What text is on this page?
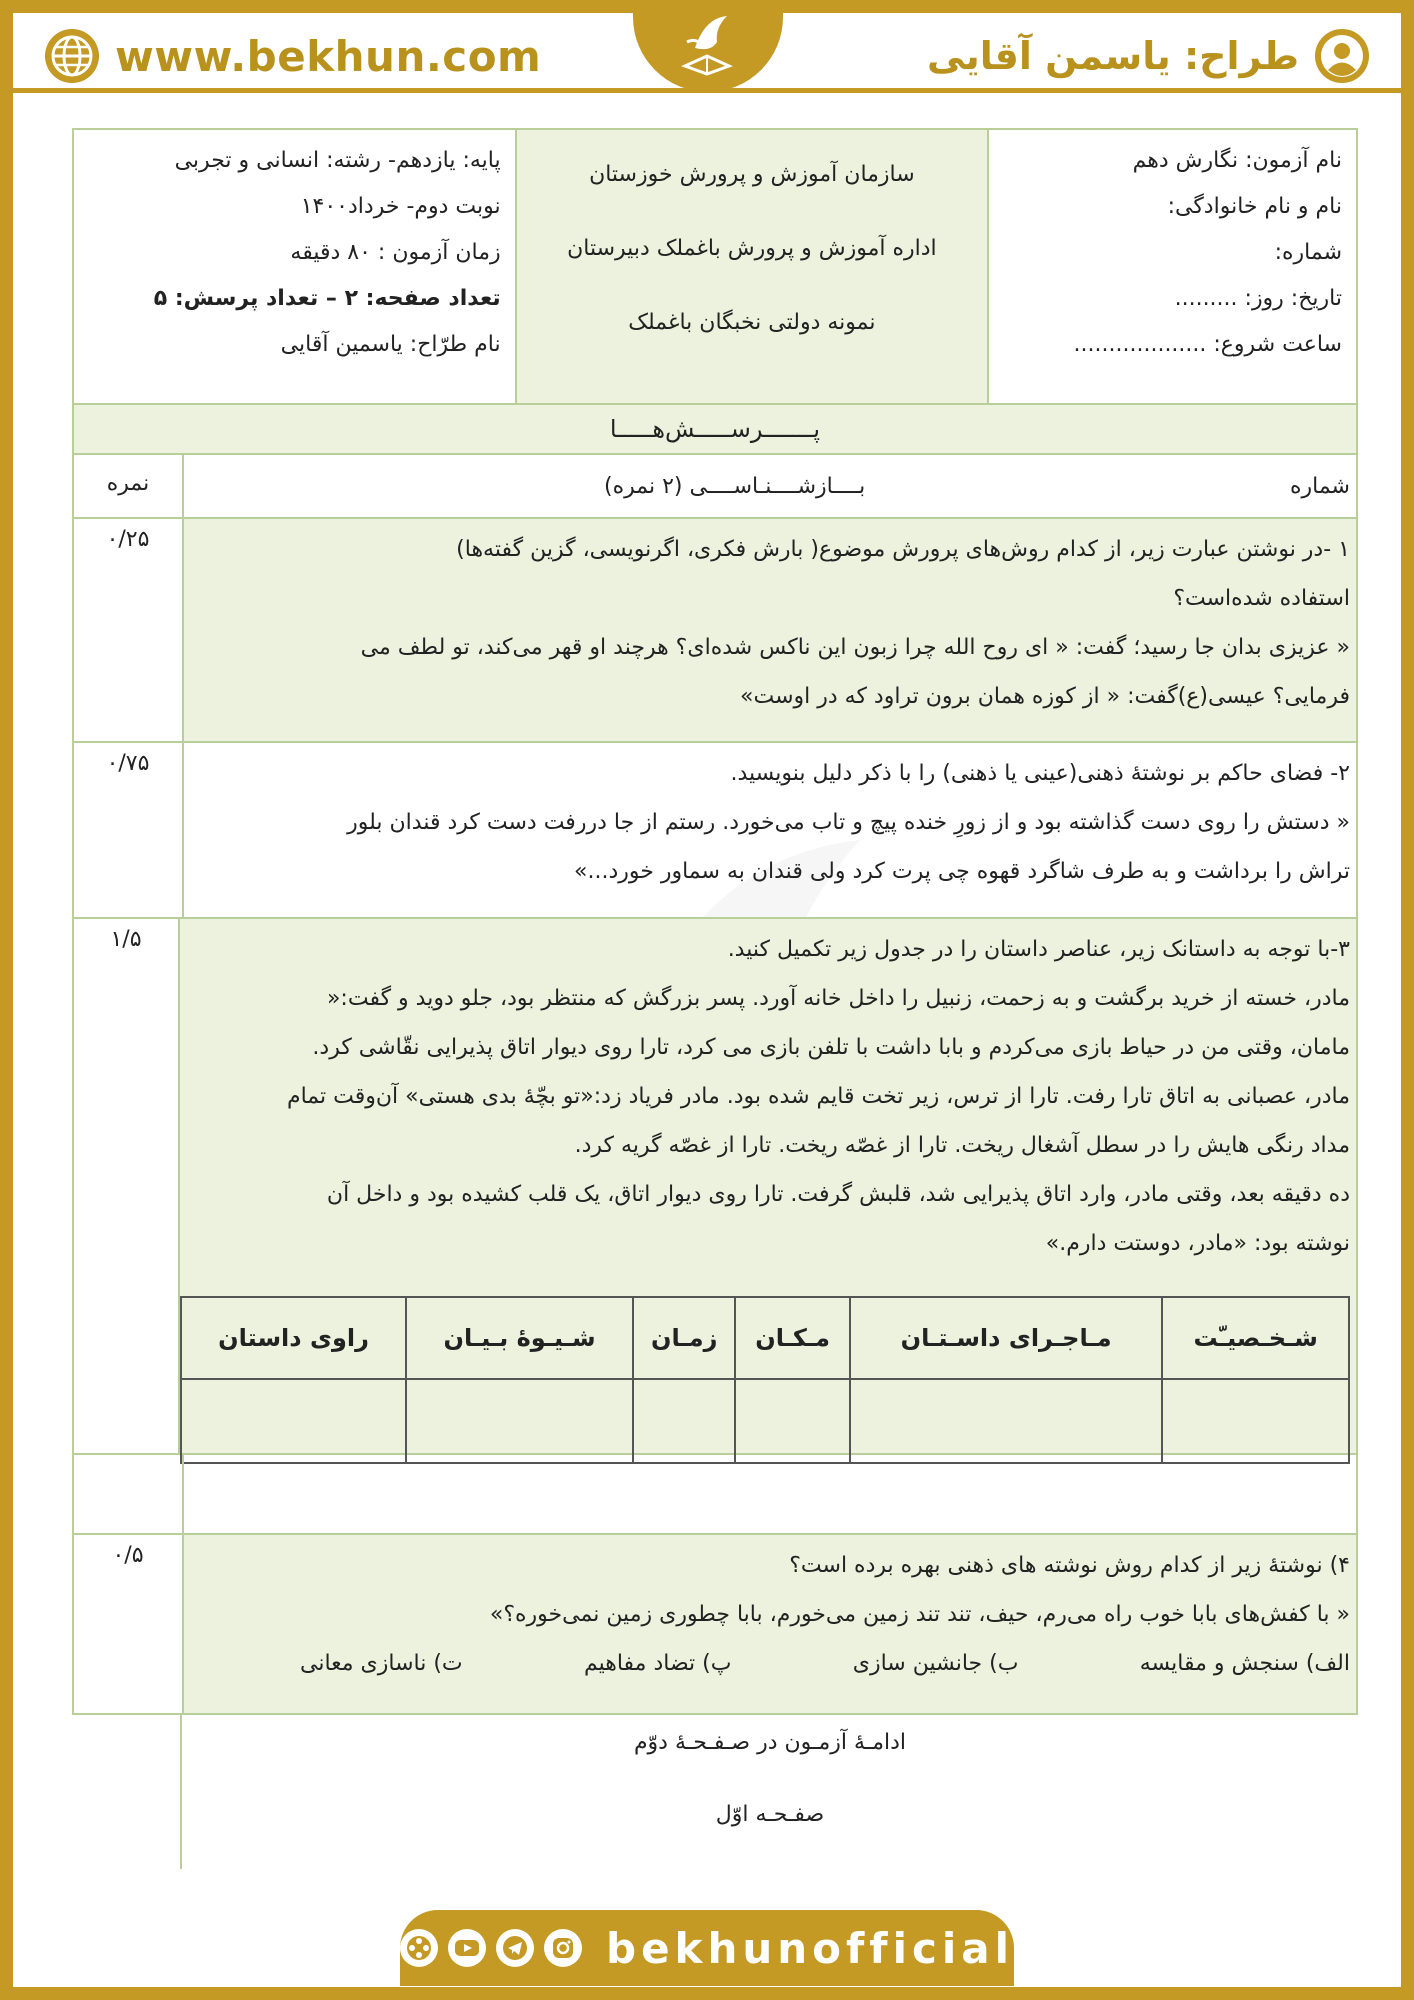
www.bekhun.com	طراح: یاسمن آقایی
نام آزمون: نگارش دهم
نام و نام خانوادگی:
شماره:
تاریخ: روز: .........
ساعت شروع: ...................
سازمان آموزش و پرورش خوزستان
اداره آموزش و پرورش باغملک دبیرستان
نمونه دولتی نخبگان باغملک
پایه: یازدهم- رشته: انسانی و تجربی
نوبت دوم- خرداد۱۴۰۰
زمان آزمون : ۸۰ دقیقه
تعداد صفحه: ۲ – تعداد پرسش: ۵
نام طرّاح: یاسمین آقایی
پـــــــرســـــش‌هـــــا
شماره
بــــازشــــنـاســــی (۲ نمره)
نمره
۱ -در نوشتن عبارت زیر، از کدام روش‌های پرورش موضوع( بارش فکری، اگرنویسی، گزین گفته‌ها)
استفاده شده‌است؟
« عزیزی بدان جا رسید؛ گفت: « ای روح الله چرا زبون این ناکس شده‌ای؟ هرچند او قهر می‌کند، تو لطف می
فرمایی؟ عیسی(ع)گفت: « از کوزه همان برون تراود که در اوست»
۰/۲۵
۲- فضای حاکم بر نوشتۀ ذهنی(عینی یا ذهنی) را با ذکر دلیل بنویسید.
« دستش را روی دست گذاشته بود و از زورِ خنده پیچ و تاب می‌خورد. رستم از جا دررفت دست کرد قندان بلور
تراش را برداشت و به طرف شاگرد قهوه چی پرت کرد ولی قندان به سماور خورد...»
۰/۷۵
۳-با توجه به داستانک زیر، عناصر داستان را در جدول زیر تکمیل کنید.
مادر، خسته از خرید برگشت و به زحمت، زنبیل را داخل خانه آورد. پسر بزرگش که منتظر بود، جلو دوید و گفت:«
مامان، وقتی من در حیاط بازی می‌کردم و بابا داشت با تلفن بازی می کرد، تارا روی دیوار اتاق پذیرایی نقّاشی کرد.
مادر، عصبانی به اتاق تارا رفت. تارا از ترس، زیر تخت قایم شده بود. مادر فریاد زد:«تو بچّۀ بدی هستی» آن‌وقت تمام
مداد رنگی هایش را در سطل آشغال ریخت. تارا از غصّه ریخت. تارا از غصّه گریه کرد.
ده دقیقه بعد، وقتی مادر، وارد اتاق پذیرایی شد، قلبش گرفت. تارا روی دیوار اتاق، یک قلب کشیده بود و داخل آن
نوشته بود: «مادر، دوستت دارم.»
شـخـصیـّت	مـاجـرای داسـتـان	مـکـان	زمـان	شـیـوۀ بـیـان	راوی داستان

۱/۵
۴) نوشتۀ زیر از کدام روش نوشته های ذهنی بهره برده است؟
« با کفش‌های بابا خوب راه می‌رم، حیف، تند تند زمین می‌خورم، بابا چطوری زمین نمی‌خوره؟»
الف) سنجش و مقایسه
ب) جانشین سازی
پ) تضاد مفاهیم
ت) ناسازی معانی
۰/۵
ادامـۀ آزمـون در صـفـحـۀ دوّم
صفـحـه اوّل
bekhunofficial
